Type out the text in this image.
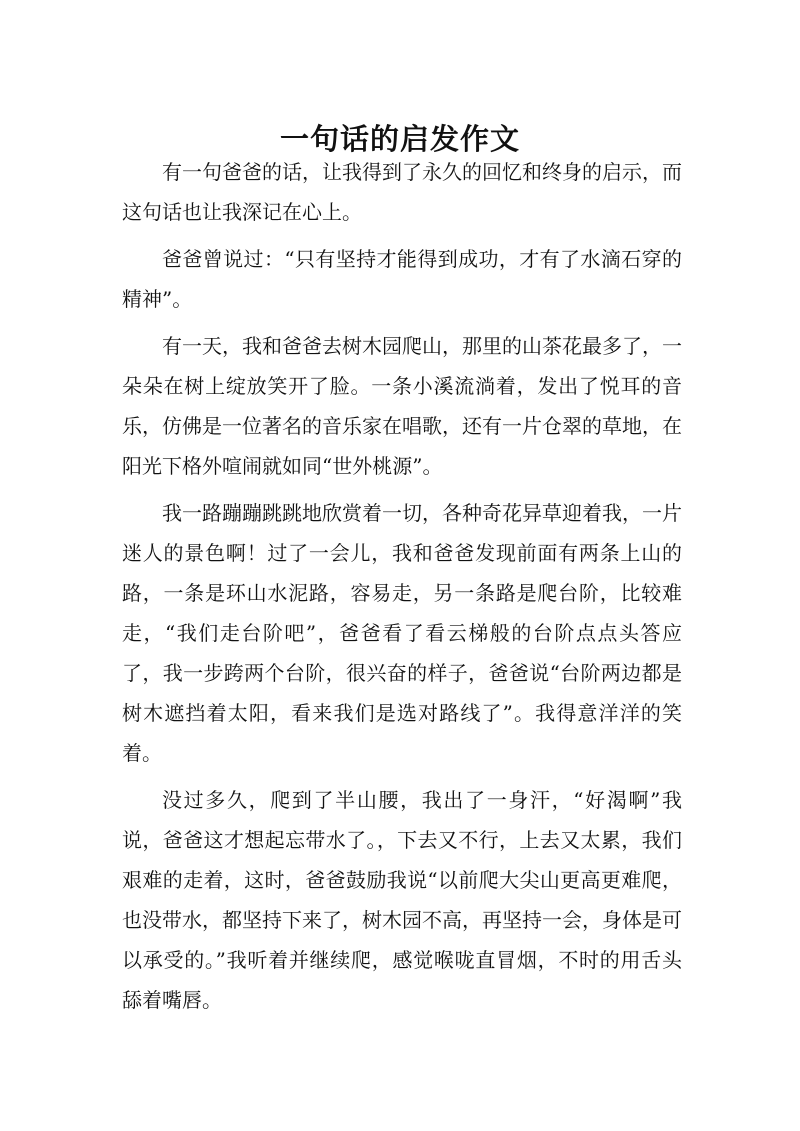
一句话的启发作文

有一句爸爸的话，让我得到了永久的回忆和终身的启示，而这句话也让我深记在心上。

爸爸曾说过：“只有坚持才能得到成功，才有了水滴石穿的精神”。

有一天，我和爸爸去树木园爬山，那里的山茶花最多了，一朵朵在树上绽放笑开了脸。一条小溪流淌着，发出了悦耳的音乐，仿佛是一位著名的音乐家在唱歌，还有一片仓翠的草地，在阳光下格外喧闹就如同“世外桃源”。

我一路蹦蹦跳跳地欣赏着一切，各种奇花异草迎着我，一片迷人的景色啊！过了一会儿，我和爸爸发现前面有两条上山的路，一条是环山水泥路，容易走，另一条路是爬台阶，比较难走，“我们走台阶吧”，爸爸看了看云梯般的台阶点点头答应了，我一步跨两个台阶，很兴奋的样子，爸爸说“台阶两边都是树木遮挡着太阳，看来我们是选对路线了”。我得意洋洋的笑着。

没过多久，爬到了半山腰，我出了一身汗，“好渴啊”我说，爸爸这才想起忘带水了。，下去又不行，上去又太累，我们艰难的走着，这时，爸爸鼓励我说“以前爬大尖山更高更难爬，也没带水，都坚持下来了，树木园不高，再坚持一会，身体是可以承受的。”我听着并继续爬，感觉喉咙直冒烟，不时的用舌头舔着嘴唇。
